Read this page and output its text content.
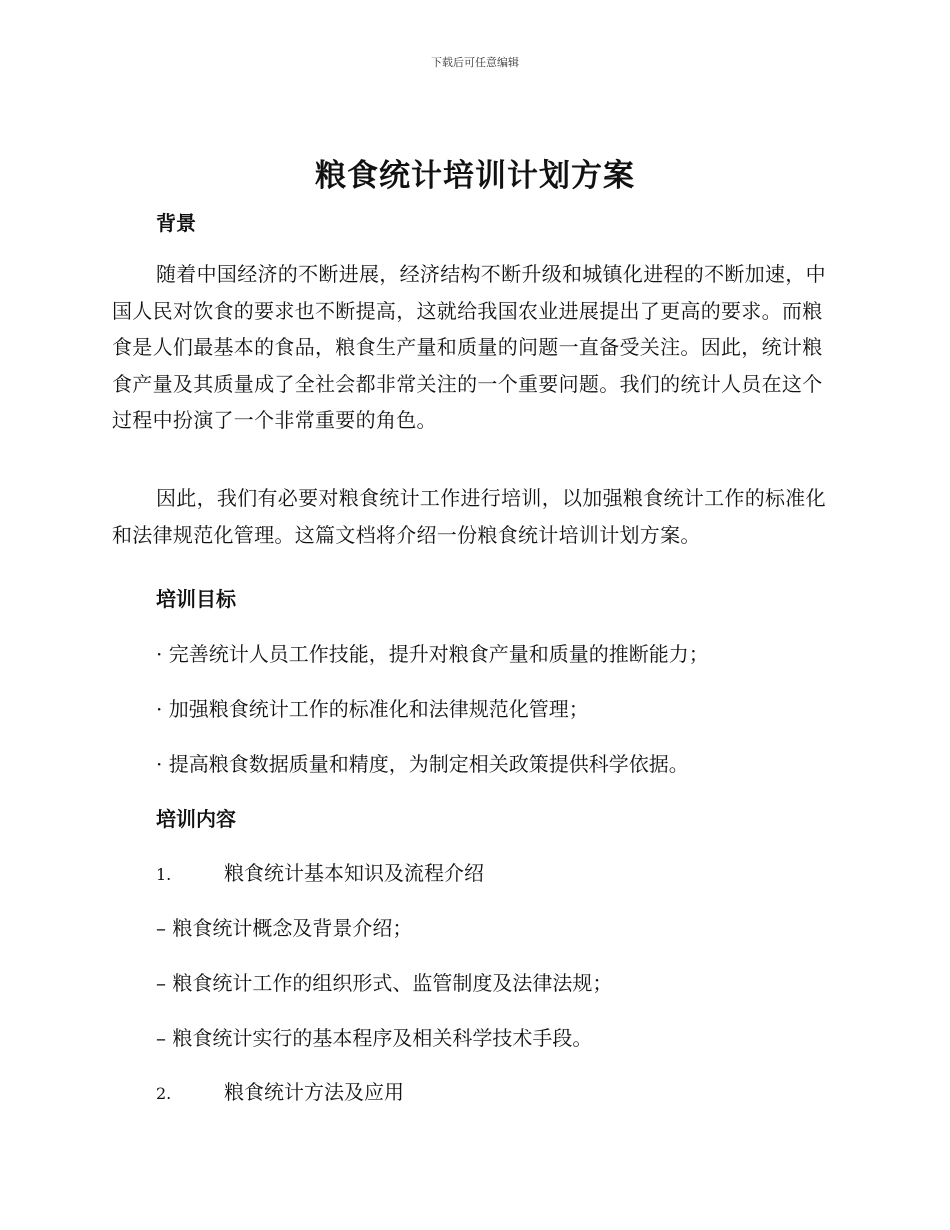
下载后可任意编辑
粮食统计培训计划方案
背景

随着中国经济的不断进展，经济结构不断升级和城镇化进程的不断加速，中国人民对饮食的要求也不断提高，这就给我国农业进展提出了更高的要求。而粮食是人们最基本的食品，粮食生产量和质量的问题一直备受关注。因此，统计粮食产量及其质量成了全社会都非常关注的一个重要问题。我们的统计人员在这个过程中扮演了一个非常重要的角色。

因此，我们有必要对粮食统计工作进行培训，以加强粮食统计工作的标准化和法律规范化管理。这篇文档将介绍一份粮食统计培训计划方案。

培训目标

· 完善统计人员工作技能，提升对粮食产量和质量的推断能力；

· 加强粮食统计工作的标准化和法律规范化管理；

· 提高粮食数据质量和精度，为制定相关政策提供科学依据。

培训内容

1.	粮食统计基本知识及流程介绍

– 粮食统计概念及背景介绍；

– 粮食统计工作的组织形式、监管制度及法律法规；

– 粮食统计实行的基本程序及相关科学技术手段。

2.	粮食统计方法及应用
